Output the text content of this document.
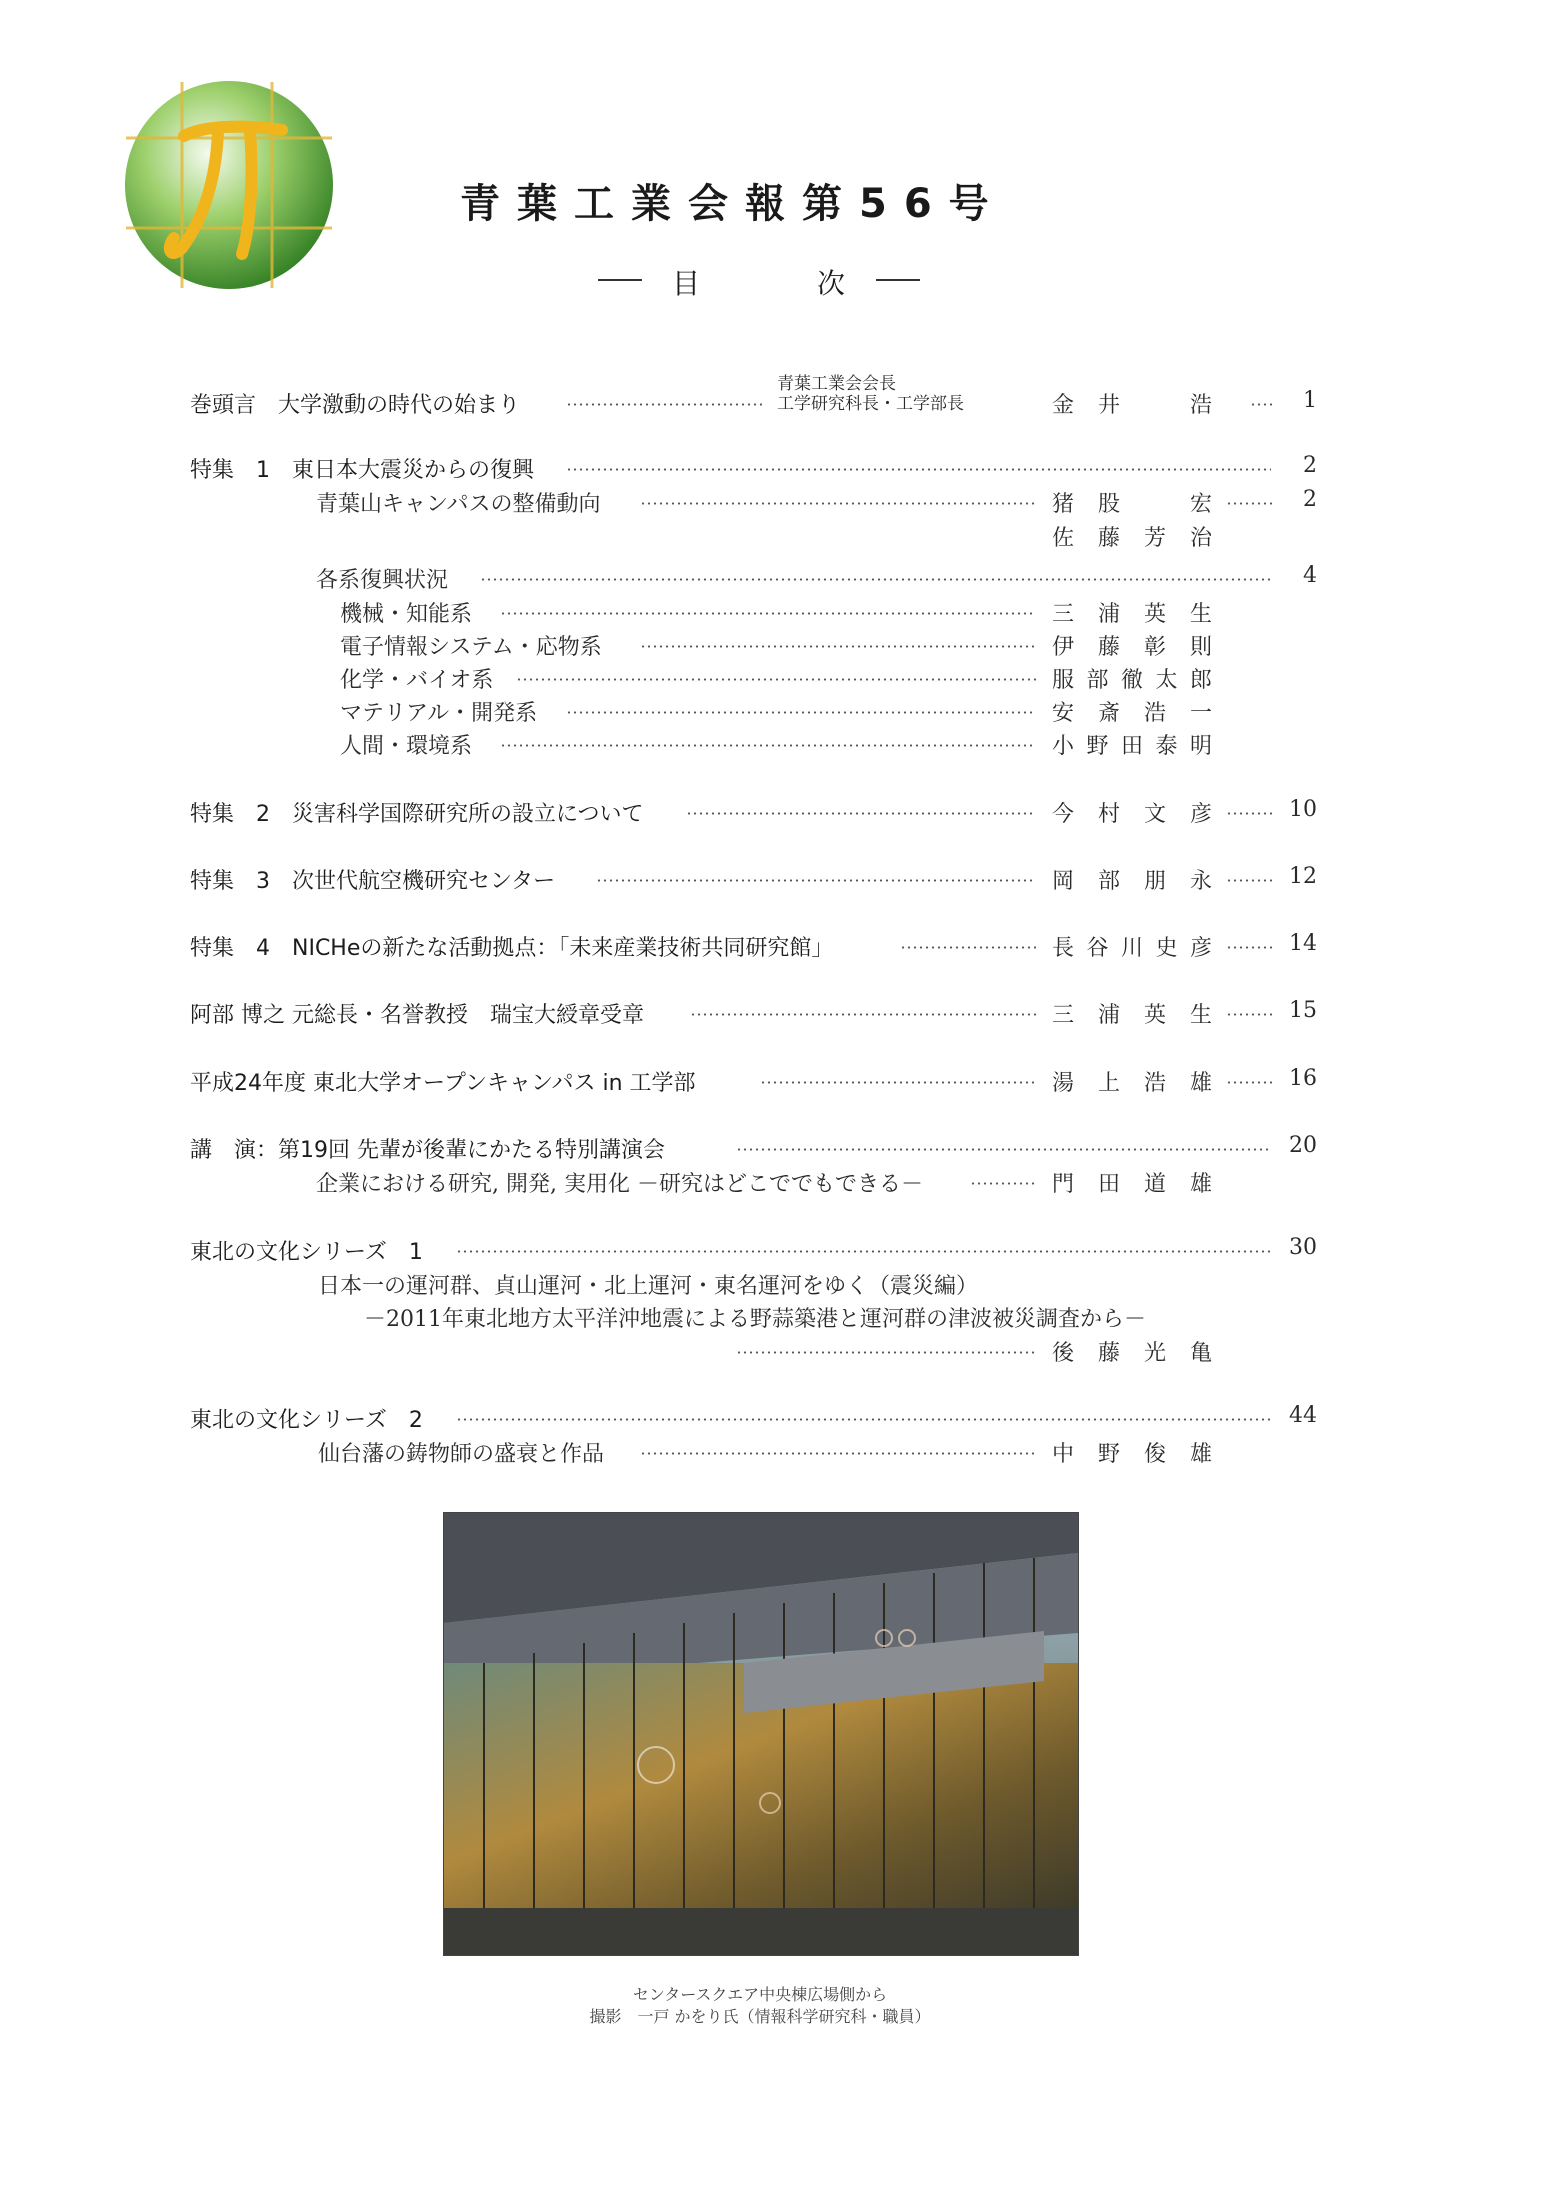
青葉工業会報第56号
目	次
巻頭言　大学激動の時代の始まり	金井　浩	1
青葉工業会会長
工学研究科長・工学部長
特集　1　東日本大震災からの復興	2
青葉山キャンパスの整備動向	猪股　宏	2
佐藤芳治
各系復興状況	4
機械・知能系	三浦英生
電子情報システム・応物系	伊藤彰則
化学・バイオ系	服部徹太郎
マテリアル・開発系	安斎浩一
人間・環境系	小野田泰明
特集　2　災害科学国際研究所の設立について	今村文彦	10
特集　3　次世代航空機研究センター	岡部朋永	12
特集　4　NICHeの新たな活動拠点：「未来産業技術共同研究館」	長谷川史彦	14
阿部 博之 元総長・名誉教授　瑞宝大綬章受章	三浦英生	15
平成24年度 東北大学オープンキャンパス in 工学部	湯上浩雄	16
講　演：第19回 先輩が後輩にかたる特別講演会	20
企業における研究, 開発, 実用化 －研究はどこででもできる－	門田道雄
東北の文化シリーズ　1	30
日本一の運河群、貞山運河・北上運河・東名運河をゆく（震災編）
－2011年東北地方太平洋沖地震による野蒜築港と運河群の津波被災調査から－
後藤光亀
東北の文化シリーズ　2	44
仙台藩の鋳物師の盛衰と作品	中野俊雄
センタースクエア中央棟広場側から
撮影　一戸 かをり氏（情報科学研究科・職員）
